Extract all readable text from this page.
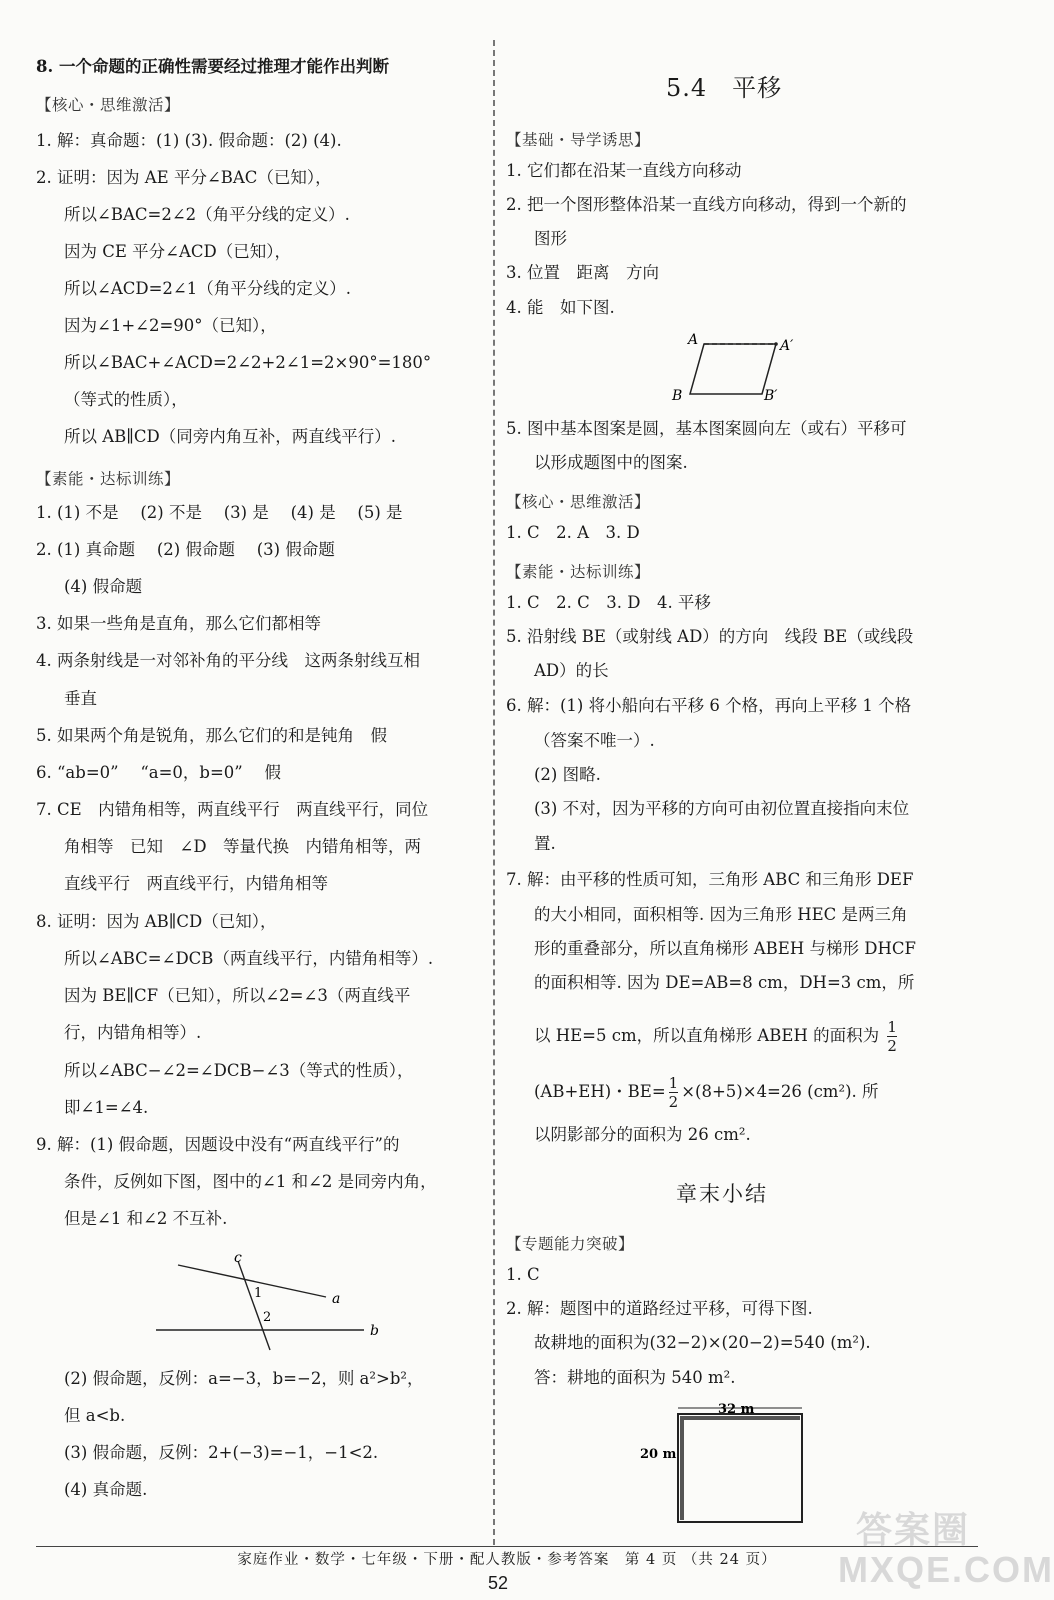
8. 一个命题的正确性需要经过推理才能作出判断
【核心・思维激活】
1. 解：真命题：(1) (3). 假命题：(2) (4).
2. 证明：因为 AE 平分∠BAC（已知），
所以∠BAC=2∠2（角平分线的定义）.
因为 CE 平分∠ACD（已知），
所以∠ACD=2∠1（角平分线的定义）.
因为∠1+∠2=90°（已知），
所以∠BAC+∠ACD=2∠2+2∠1=2×90°=180°
（等式的性质），
所以 AB∥CD（同旁内角互补，两直线平行）.
【素能・达标训练】
1. (1) 不是　 (2) 不是　 (3) 是　 (4) 是　 (5) 是
2. (1) 真命题　 (2) 假命题　 (3) 假命题
(4) 假命题
3. 如果一些角是直角，那么它们都相等
4. 两条射线是一对邻补角的平分线　这两条射线互相
垂直
5. 如果两个角是锐角，那么它们的和是钝角　假
6. “ab=0”　 “a=0，b=0”　 假
7. CE　内错角相等，两直线平行　两直线平行，同位
角相等　已知　∠D　等量代换　内错角相等，两
直线平行　两直线平行，内错角相等
8. 证明：因为 AB∥CD（已知），
所以∠ABC=∠DCB（两直线平行，内错角相等）.
因为 BE∥CF（已知），所以∠2=∠3（两直线平
行，内错角相等）.
所以∠ABC−∠2=∠DCB−∠3（等式的性质），
即∠1=∠4.
9. 解：(1) 假命题，因题设中没有“两直线平行”的
条件，反例如下图，图中的∠1 和∠2 是同旁内角，
但是∠1 和∠2 不互补.
c
a
b
1
2
(2) 假命题，反例：a=−3，b=−2，则 a²>b²，
但 a<b.
(3) 假命题，反例：2+(−3)=−1，−1<2.
(4) 真命题.
5.4　平移
【基础・导学诱思】
1. 它们都在沿某一直线方向移动
2. 把一个图形整体沿某一直线方向移动，得到一个新的
图形
3. 位置　距离　方向
4. 能　如下图.
A	A′
B	B′
5. 图中基本图案是圆，基本图案圆向左（或右）平移可
以形成题图中的图案.
【核心・思维激活】
1. C　2. A　3. D
【素能・达标训练】
1. C　2. C　3. D　4. 平移
5. 沿射线 BE（或射线 AD）的方向　线段 BE（或线段
AD）的长
6. 解：(1) 将小船向右平移 6 个格，再向上平移 1 个格
（答案不唯一）.
(2) 图略.
(3) 不对，因为平移的方向可由初位置直接指向末位
置.
7. 解：由平移的性质可知，三角形 ABC 和三角形 DEF
的大小相同，面积相等. 因为三角形 HEC 是两三角
形的重叠部分，所以直角梯形 ABEH 与梯形 DHCF
的面积相等. 因为 DE=AB=8 cm，DH=3 cm，所
以 HE=5 cm，所以直角梯形 ABEH 的面积为 $\frac{1}{2}$
(AB+EH)・$BE= \frac{1}{2} \times(8+5)\times 4=26$ (cm²). 所
以阴影部分的面积为 26 cm².
章末小结
【专题能力突破】
1. C
2. 解：题图中的道路经过平移，可得下图.
故耕地的面积为(32−2)×(20−2)=540 (m²).
答：耕地的面积为 540 m².
32 m
20 m
家庭作业・数学・七年级・下册・配人教版・参考答案　第 4 页 （共 24 页）
52
答案圈 MXQE.COM
